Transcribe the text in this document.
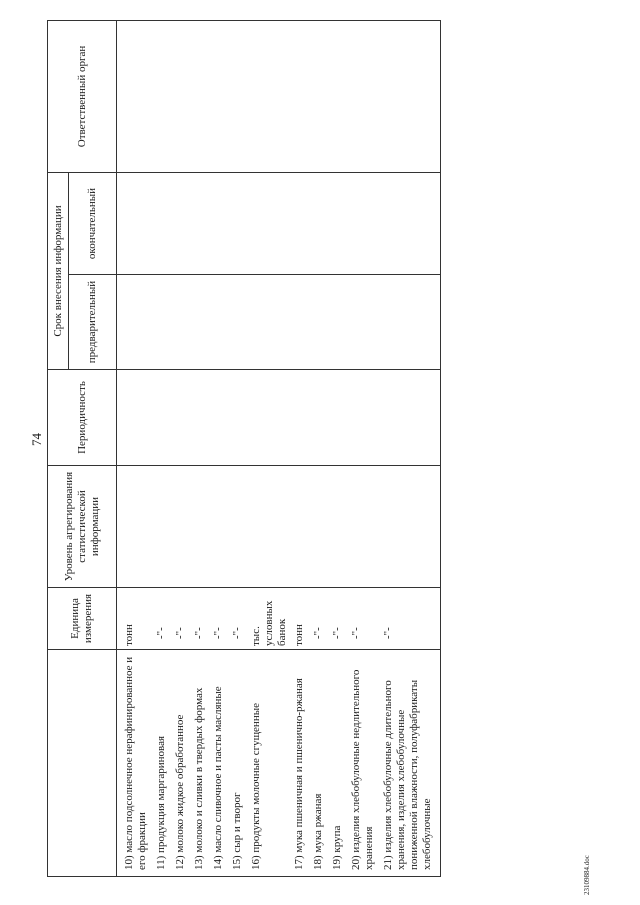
74
23109884.doc
	Единица измерения	Уровень агрегирования статистической информации	Периодичность	Срок внесения информации		Ответственный орган
				предварительный	окончательный	
10) масло подсолнечное нерафинированное и его фракции	тонн					
11) продукция маргариновая	-"-					
12) молоко жидкое обработанное	-"-					
13) молоко и сливки в твердых формах	-"-					
14) масло сливочное и пасты масляные	-"-					
15) сыр и творог	-"-					
16) продукты молочные сгущенные	тыс. условных банок					
17) мука пшеничная и пшенично-ржаная	тонн					
18) мука ржаная	-"-					
19) крупа	-"-					
20) изделия хлебобулочные недлительного хранения	-"-					
21) изделия хлебобулочные длительного хранения, изделия хлебобулочные пониженной влажности, полуфабрикаты хлебобулочные	-"-					
